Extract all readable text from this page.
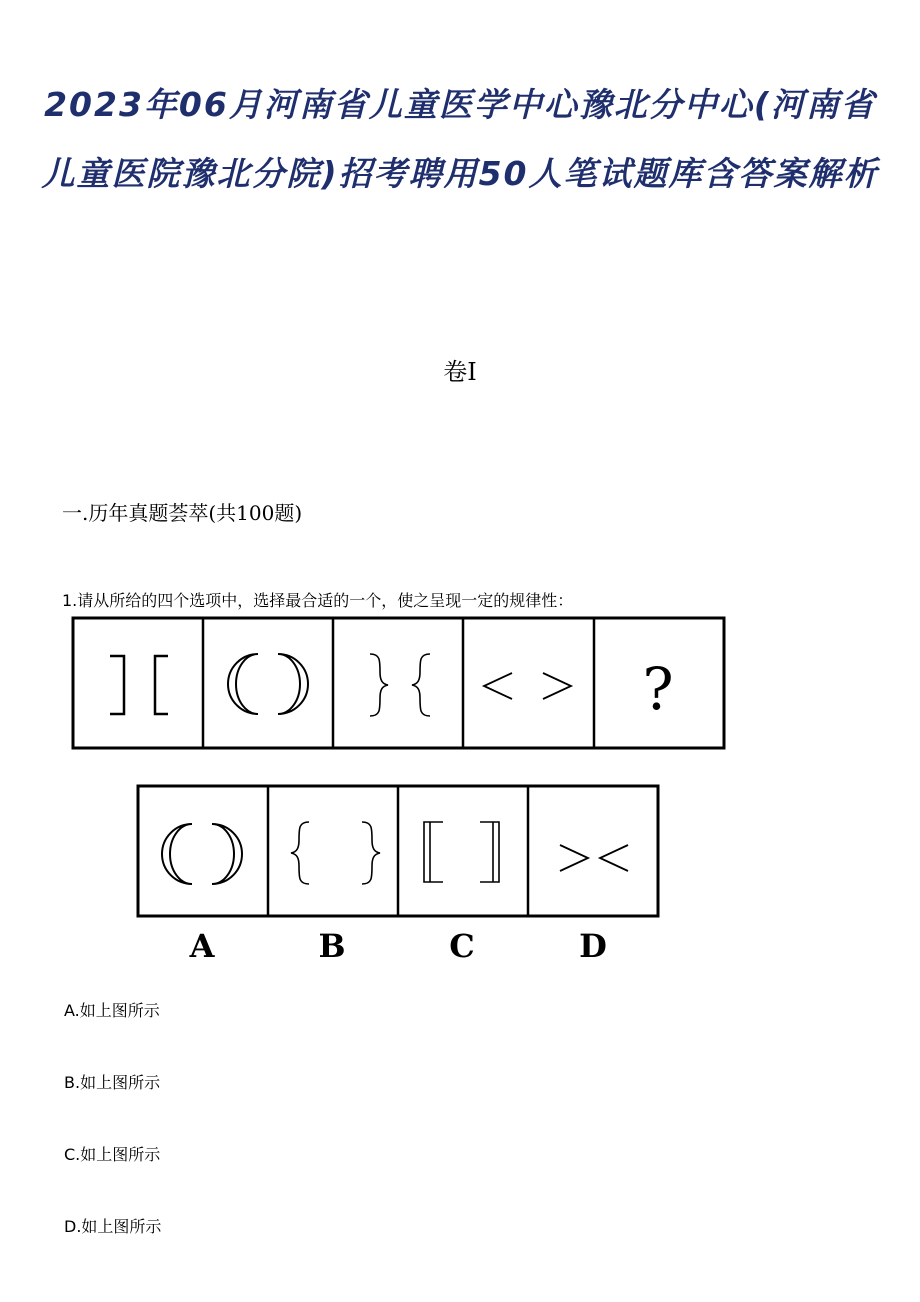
2023年06月河南省儿童医学中心豫北分中心(河南省儿童医院豫北分院)招考聘用50人笔试题库含答案解析
卷I
一.历年真题荟萃(共100题)
1.请从所给的四个选项中，选择最合适的一个，使之呈现一定的规律性：
?
A	B	C	D
A.如上图所示
B.如上图所示
C.如上图所示
D.如上图所示
